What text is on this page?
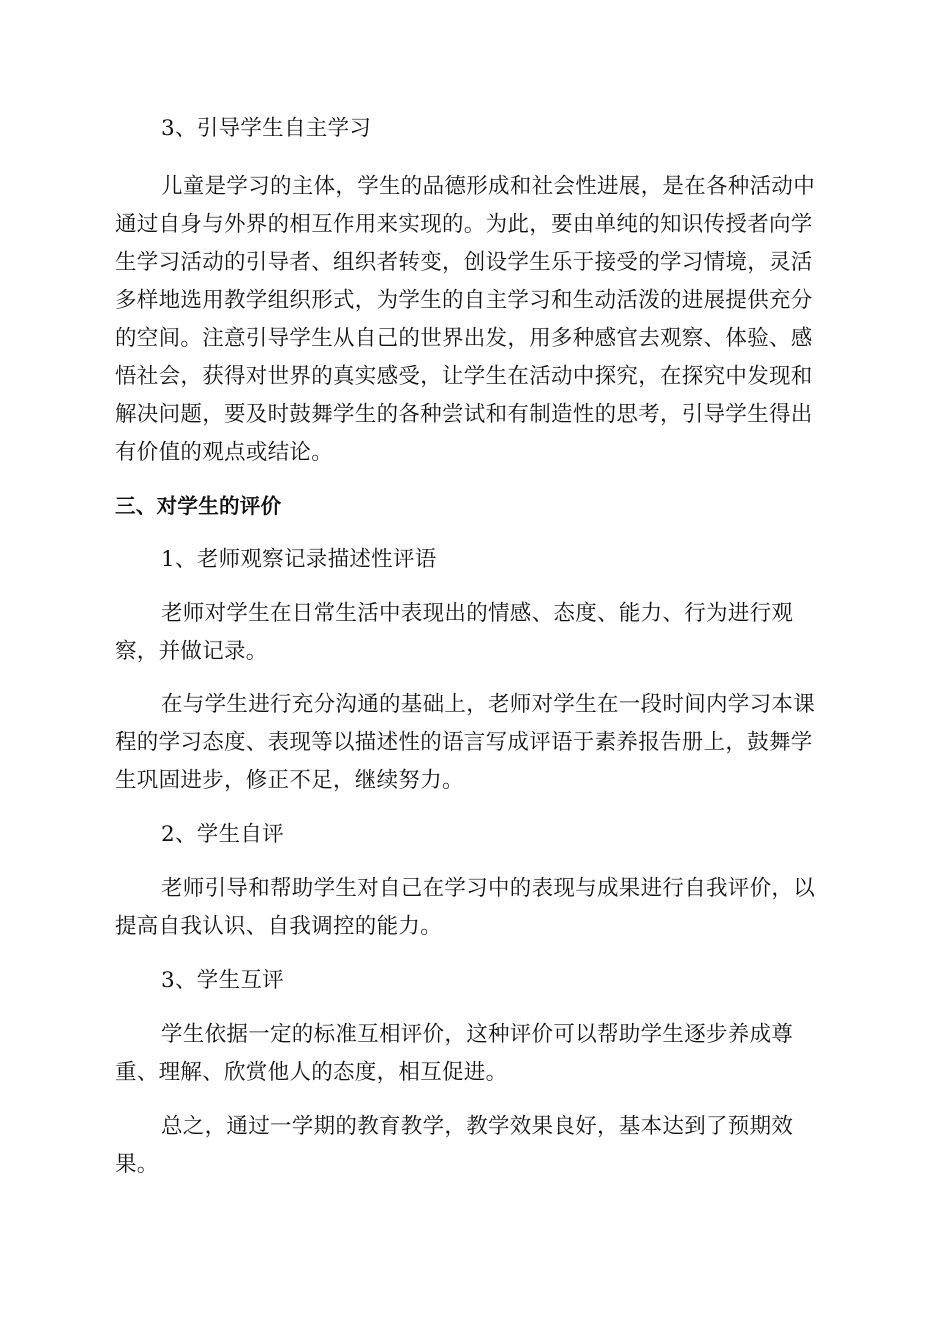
3、引导学生自主学习
儿童是学习的主体，学生的品德形成和社会性进展，是在各种活动中
通过自身与外界的相互作用来实现的。为此，要由单纯的知识传授者向学
生学习活动的引导者、组织者转变，创设学生乐于接受的学习情境，灵活
多样地选用教学组织形式，为学生的自主学习和生动活泼的进展提供充分
的空间。注意引导学生从自己的世界出发，用多种感官去观察、体验、感
悟社会，获得对世界的真实感受，让学生在活动中探究，在探究中发现和
解决问题，要及时鼓舞学生的各种尝试和有制造性的思考，引导学生得出
有价值的观点或结论。
三、对学生的评价
1、老师观察记录描述性评语
老师对学生在日常生活中表现出的情感、态度、能力、行为进行观
察，并做记录。
在与学生进行充分沟通的基础上，老师对学生在一段时间内学习本课
程的学习态度、表现等以描述性的语言写成评语于素养报告册上，鼓舞学
生巩固进步，修正不足，继续努力。
2、学生自评
老师引导和帮助学生对自己在学习中的表现与成果进行自我评价，以
提高自我认识、自我调控的能力。
3、学生互评
学生依据一定的标准互相评价，这种评价可以帮助学生逐步养成尊
重、理解、欣赏他人的态度，相互促进。
总之，通过一学期的教育教学，教学效果良好，基本达到了预期效
果。
